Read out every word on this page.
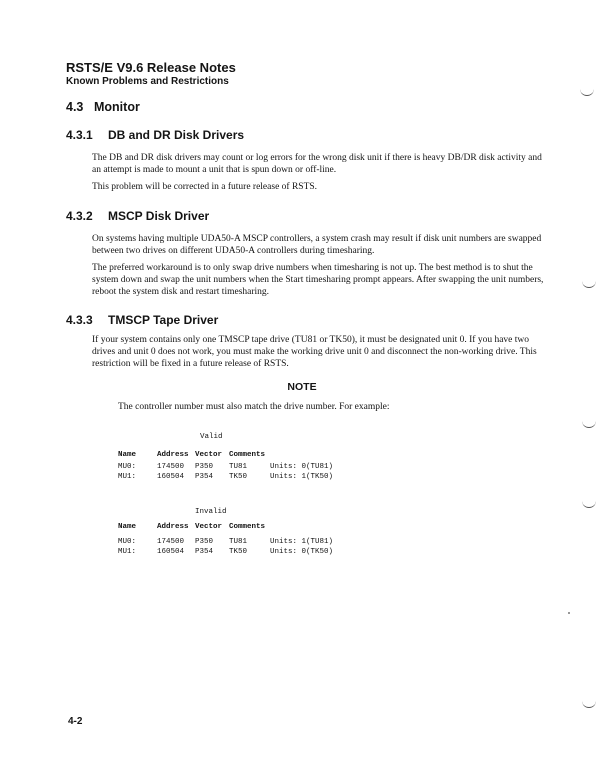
RSTS/E V9.6 Release Notes
Known Problems and Restrictions
4.3 Monitor
4.3.1 DB and DR Disk Drivers
The DB and DR disk drivers may count or log errors for the wrong disk unit if there is heavy DB/DR disk activity and an attempt is made to mount a unit that is spun down or off-line.
This problem will be corrected in a future release of RSTS.
4.3.2 MSCP Disk Driver
On systems having multiple UDA50-A MSCP controllers, a system crash may result if disk unit numbers are swapped between two drives on different UDA50-A controllers during timesharing.
The preferred workaround is to only swap drive numbers when timesharing is not up. The best method is to shut the system down and swap the unit numbers when the Start timesharing prompt appears. After swapping the unit numbers, reboot the system disk and restart timesharing.
4.3.3 TMSCP Tape Driver
If your system contains only one TMSCP tape drive (TU81 or TK50), it must be designated unit 0. If you have two drives and unit 0 does not work, you must make the working drive unit 0 and disconnect the non-working drive. This restriction will be fixed in a future release of RSTS.
NOTE
The controller number must also match the drive number. For example:
Valid
Name	Address Vector Comments
MU0:	174500 P350 TU81	Units: 0(TU81)
MU1:	160504 P354 TK50	Units: 1(TK50)
Invalid
Name	Address Vector Comments
MU0:	174500 P350 TU81	Units: 1(TU81)
MU1:	160504 P354 TK50	Units: 0(TK50)
4-2
